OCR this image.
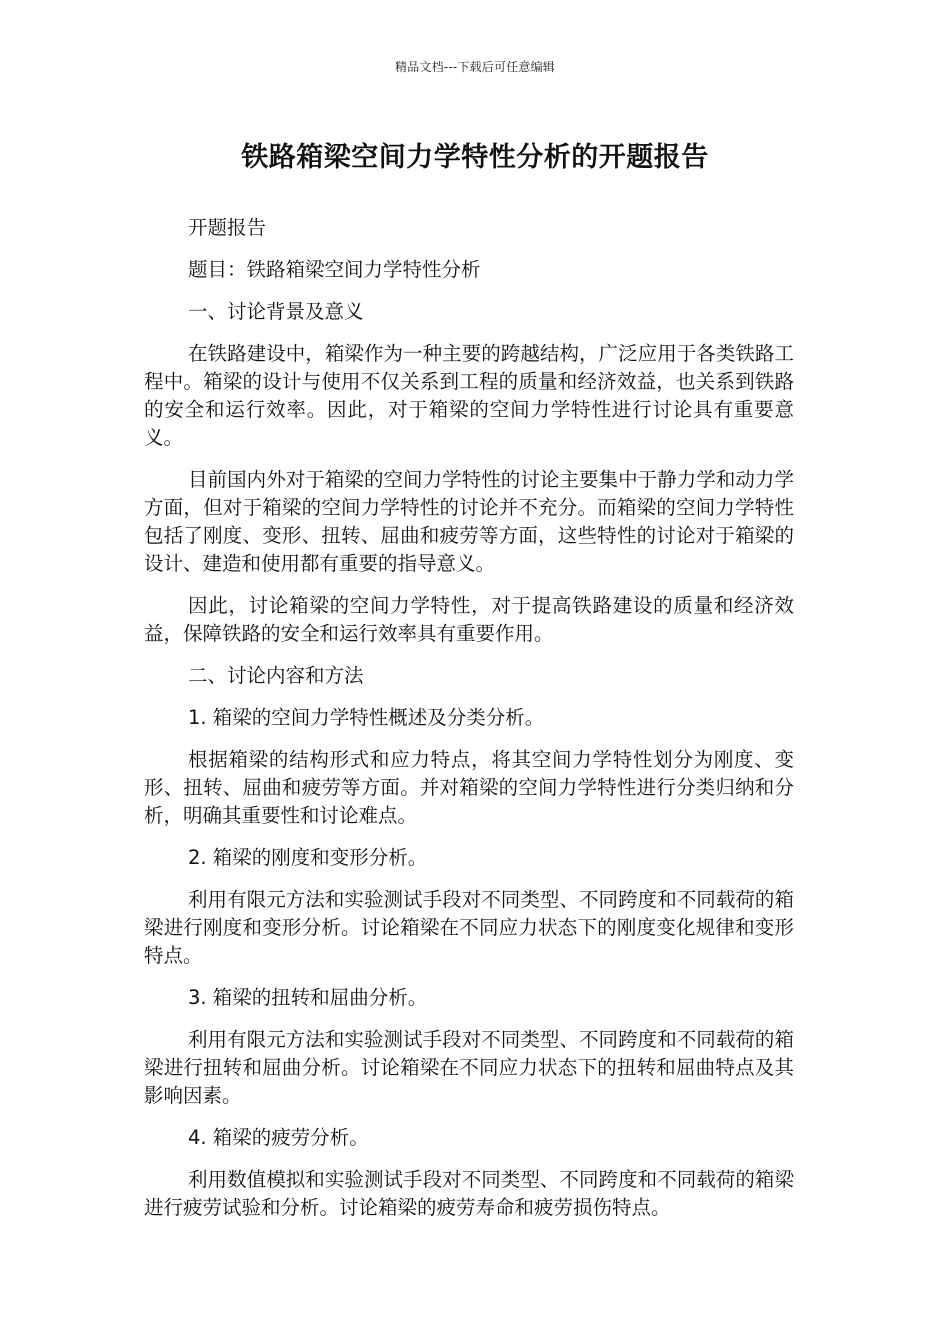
精品文档---下载后可任意编辑
铁路箱梁空间力学特性分析的开题报告

开题报告

题目：铁路箱梁空间力学特性分析

一、讨论背景及意义

在铁路建设中，箱梁作为一种主要的跨越结构，广泛应用于各类铁路工程中。箱梁的设计与使用不仅关系到工程的质量和经济效益，也关系到铁路的安全和运行效率。因此，对于箱梁的空间力学特性进行讨论具有重要意义。

目前国内外对于箱梁的空间力学特性的讨论主要集中于静力学和动力学方面，但对于箱梁的空间力学特性的讨论并不充分。而箱梁的空间力学特性包括了刚度、变形、扭转、屈曲和疲劳等方面，这些特性的讨论对于箱梁的设计、建造和使用都有重要的指导意义。

因此，讨论箱梁的空间力学特性，对于提高铁路建设的质量和经济效益，保障铁路的安全和运行效率具有重要作用。

二、讨论内容和方法

1. 箱梁的空间力学特性概述及分类分析。

根据箱梁的结构形式和应力特点，将其空间力学特性划分为刚度、变形、扭转、屈曲和疲劳等方面。并对箱梁的空间力学特性进行分类归纳和分析，明确其重要性和讨论难点。

2. 箱梁的刚度和变形分析。

利用有限元方法和实验测试手段对不同类型、不同跨度和不同载荷的箱梁进行刚度和变形分析。讨论箱梁在不同应力状态下的刚度变化规律和变形特点。

3. 箱梁的扭转和屈曲分析。

利用有限元方法和实验测试手段对不同类型、不同跨度和不同载荷的箱梁进行扭转和屈曲分析。讨论箱梁在不同应力状态下的扭转和屈曲特点及其影响因素。

4. 箱梁的疲劳分析。

利用数值模拟和实验测试手段对不同类型、不同跨度和不同载荷的箱梁进行疲劳试验和分析。讨论箱梁的疲劳寿命和疲劳损伤特点。
